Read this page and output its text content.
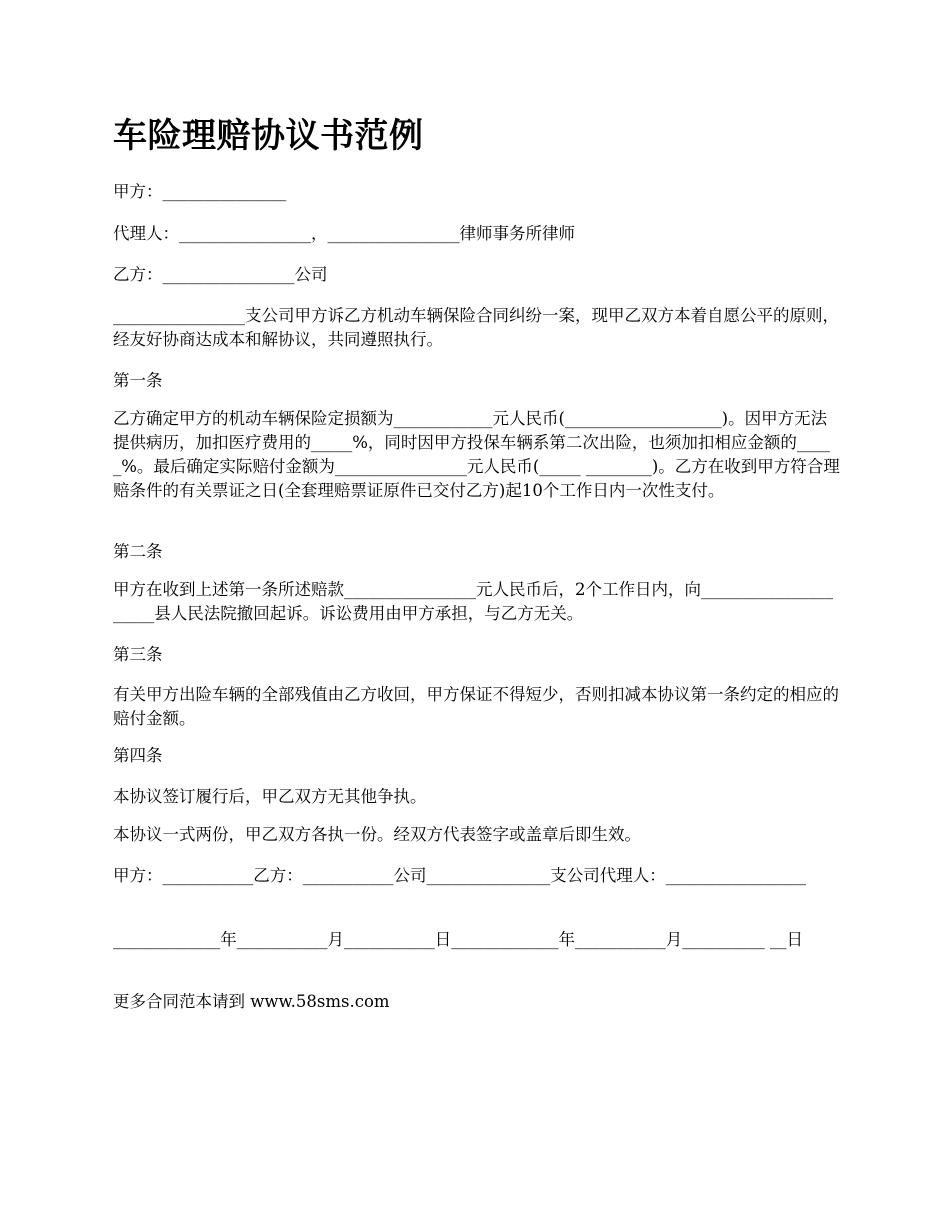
车险理赔协议书范例

甲方：_______________

代理人：________________，________________律师事务所律师

乙方：________________公司

________________支公司甲方诉乙方机动车辆保险合同纠纷一案，现甲乙双方本着自愿公平的原则，经友好协商达成本和解协议，共同遵照执行。

第一条

乙方确定甲方的机动车辆保险定损额为____________元人民币(___________________)。因甲方无法提供病历，加扣医疗费用的_____%，同时因甲方投保车辆系第二次出险，也须加扣相应金额的_____%。最后确定实际赔付金额为________________元人民币(_____ ________)。乙方在收到甲方符合理赔条件的有关票证之日(全套理赔票证原件已交付乙方)起10个工作日内一次性支付。

第二条

甲方在收到上述第一条所述赔款________________元人民币后，2个工作日内，向_____________________县人民法院撤回起诉。诉讼费用由甲方承担，与乙方无关。

第三条

有关甲方出险车辆的全部残值由乙方收回，甲方保证不得短少，否则扣减本协议第一条约定的相应的赔付金额。

第四条

本协议签订履行后，甲乙双方无其他争执。

本协议一式两份，甲乙双方各执一份。经双方代表签字或盖章后即生效。

甲方：___________乙方：___________公司_______________支公司代理人：_________________

_____________年___________月___________日_____________年___________月__________ __日

更多合同范本请到 www.58sms.com
